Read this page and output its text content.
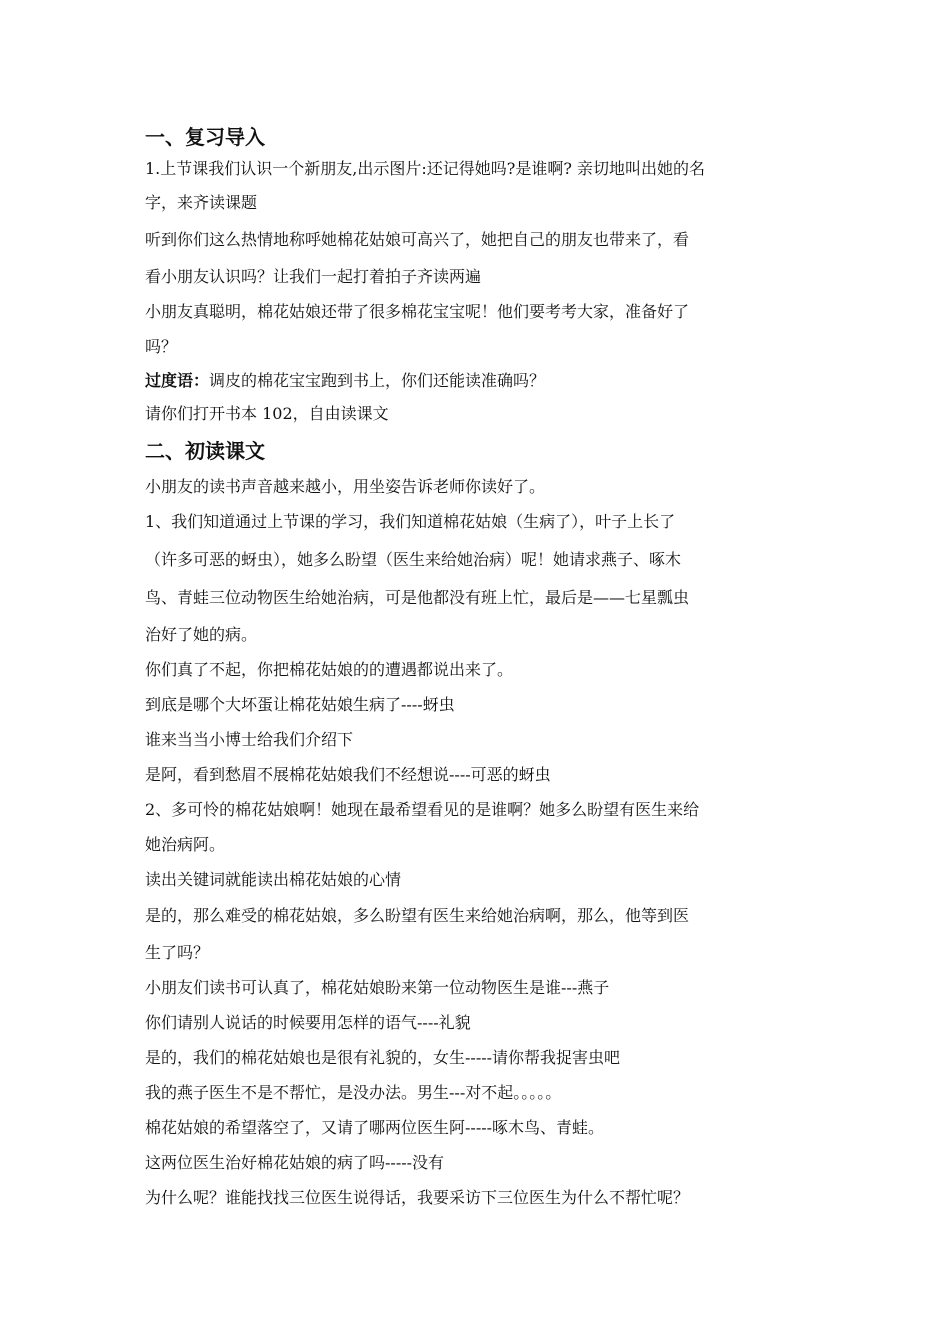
一、复习导入

1.上节课我们认识一个新朋友,出示图片:还记得她吗?是谁啊? 亲切地叫出她的名

字，来齐读课题

听到你们这么热情地称呼她棉花姑娘可高兴了，她把自己的朋友也带来了，看

看小朋友认识吗？让我们一起打着拍子齐读两遍

小朋友真聪明，棉花姑娘还带了很多棉花宝宝呢！他们要考考大家，准备好了

吗？

过度语：调皮的棉花宝宝跑到书上，你们还能读准确吗？

请你们打开书本 102，自由读课文

二、初读课文

小朋友的读书声音越来越小，用坐姿告诉老师你读好了。

1、我们知道通过上节课的学习，我们知道棉花姑娘（生病了），叶子上长了

（许多可恶的蚜虫），她多么盼望（医生来给她治病）呢！她请求燕子、啄木

鸟、青蛙三位动物医生给她治病，可是他都没有班上忙，最后是——七星瓢虫

治好了她的病。

你们真了不起，你把棉花姑娘的的遭遇都说出来了。

到底是哪个大坏蛋让棉花姑娘生病了----蚜虫

谁来当当小博士给我们介绍下

是阿，看到愁眉不展棉花姑娘我们不经想说----可恶的蚜虫

2、多可怜的棉花姑娘啊！她现在最希望看见的是谁啊？她多么盼望有医生来给

她治病阿。

读出关键词就能读出棉花姑娘的心情

是的，那么难受的棉花姑娘，多么盼望有医生来给她治病啊，那么，他等到医

生了吗？

小朋友们读书可认真了，棉花姑娘盼来第一位动物医生是谁---燕子

你们请别人说话的时候要用怎样的语气----礼貌

是的，我们的棉花姑娘也是很有礼貌的，女生-----请你帮我捉害虫吧

我的燕子医生不是不帮忙，是没办法。男生---对不起。。。。。

棉花姑娘的希望落空了，又请了哪两位医生阿-----啄木鸟、青蛙。

这两位医生治好棉花姑娘的病了吗-----没有

为什么呢？谁能找找三位医生说得话，我要采访下三位医生为什么不帮忙呢？
